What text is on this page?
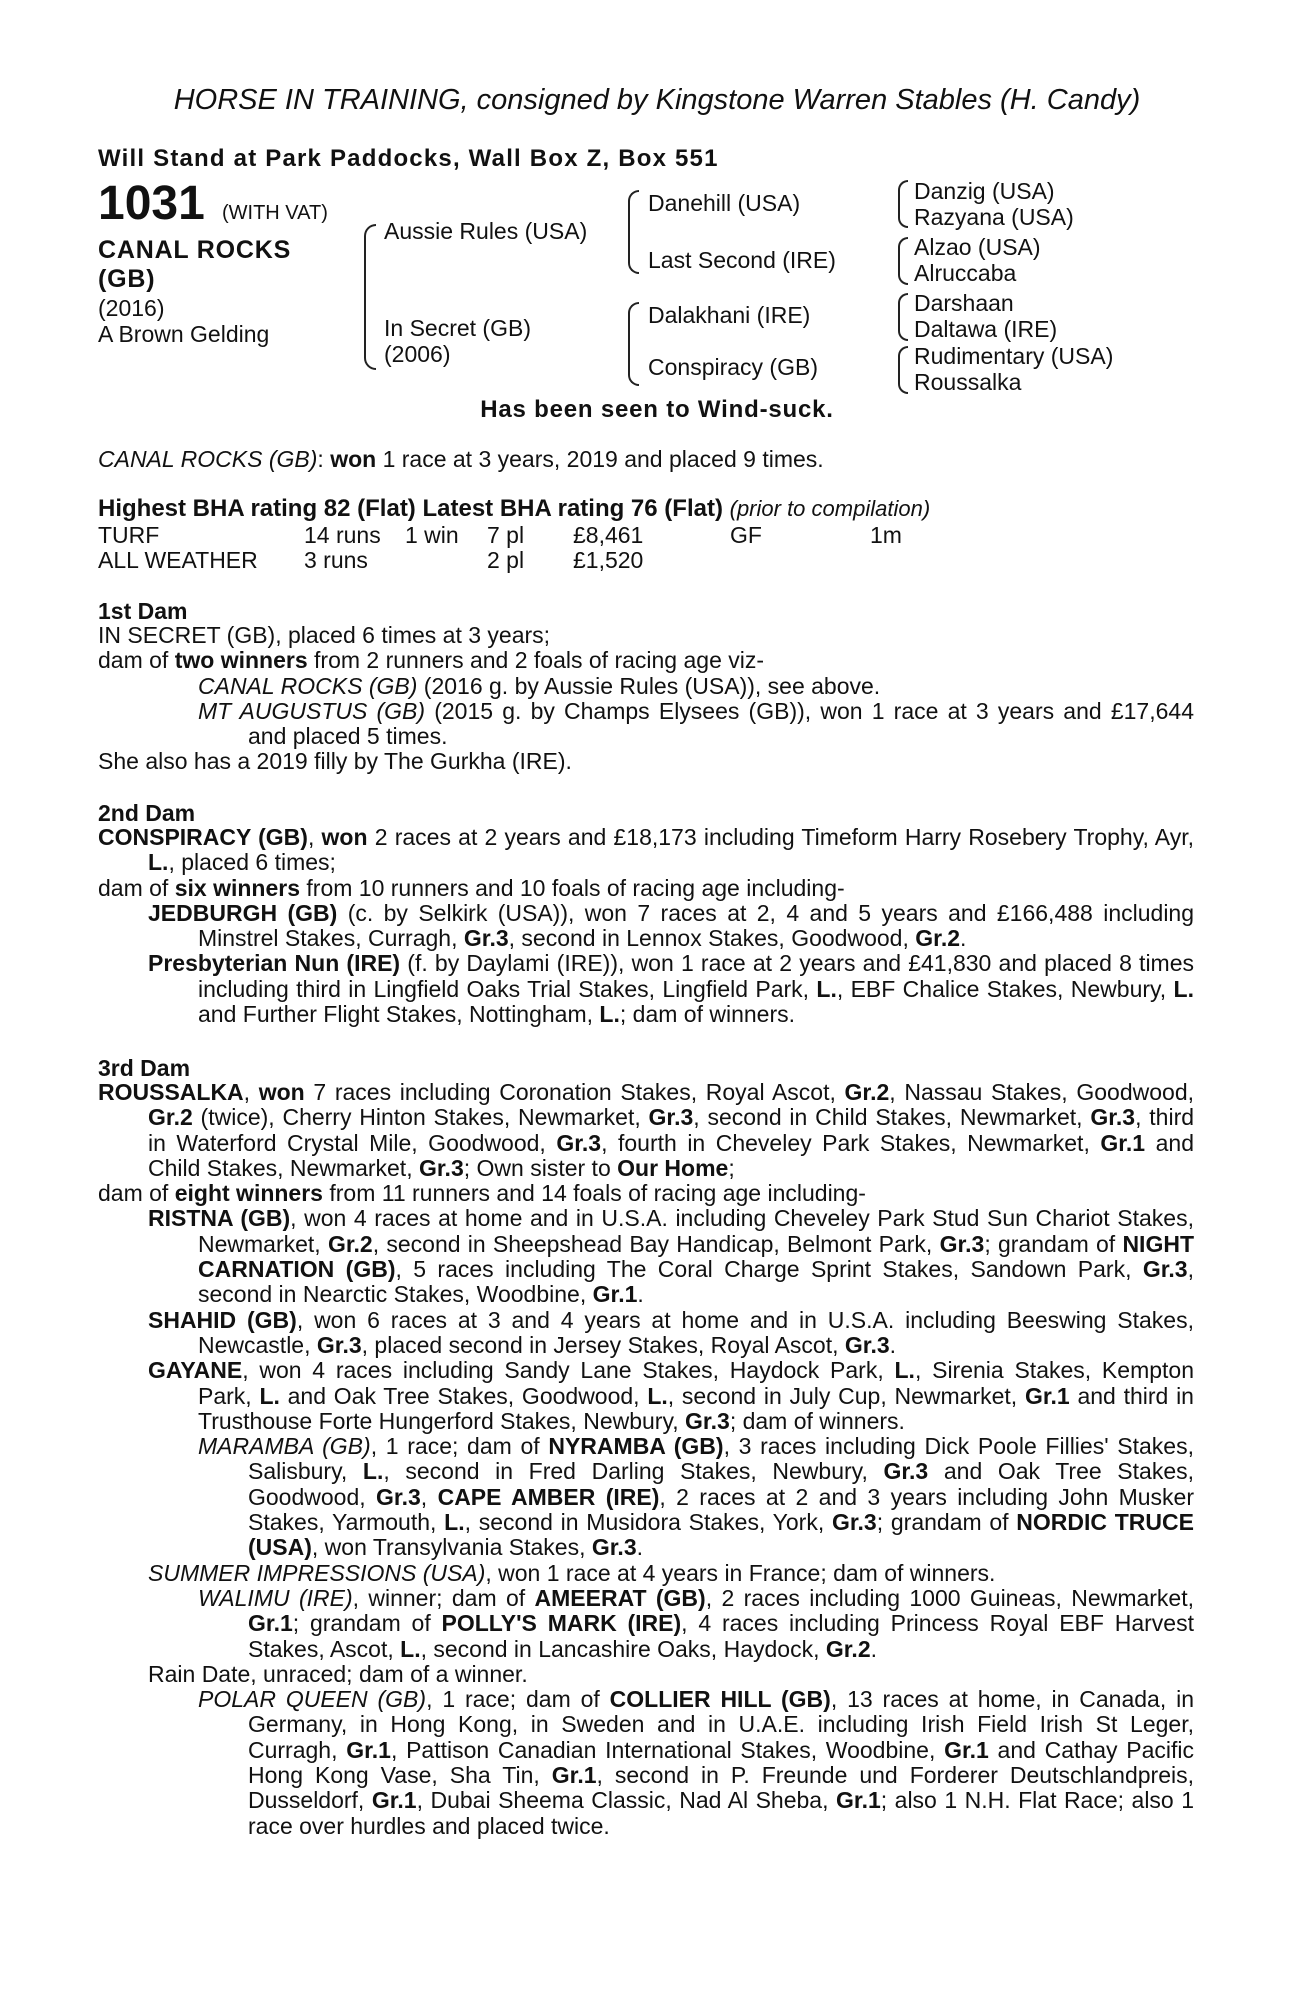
HORSE IN TRAINING, consigned by Kingstone Warren Stables (H. Candy)
Will Stand at Park Paddocks, Wall Box Z, Box 551
1031 (WITH VAT)
CANAL ROCKS
(GB)
(2016)
A Brown Gelding
Aussie Rules (USA)
In Secret (GB)
(2006)
Danehill (USA)
Last Second (IRE)
Dalakhani (IRE)
Conspiracy (GB)
Danzig (USA)
Razyana (USA)
Alzao (USA)
Alruccaba
Darshaan
Daltawa (IRE)
Rudimentary (USA)
Roussalka
Has been seen to Wind-suck.
CANAL ROCKS (GB): won 1 race at 3 years, 2019 and placed 9 times.
Highest BHA rating 82 (Flat) Latest BHA rating 76 (Flat) (prior to compilation)
TURF	14 runs 1 win 7 pl £8,461	GF	1m
ALL WEATHER 3 runs	2 pl £1,520
1st Dam

IN SECRET (GB), placed 6 times at 3 years;

dam of two winners from 2 runners and 2 foals of racing age viz-

CANAL ROCKS (GB) (2016 g. by Aussie Rules (USA)), see above.

MT AUGUSTUS (GB) (2015 g. by Champs Elysees (GB)), won 1 race at 3 years and £17,644 and placed 5 times.

She also has a 2019 filly by The Gurkha (IRE).

2nd Dam

CONSPIRACY (GB), won 2 races at 2 years and £18,173 including Timeform Harry Rosebery Trophy, Ayr, L., placed 6 times;

dam of six winners from 10 runners and 10 foals of racing age including-

JEDBURGH (GB) (c. by Selkirk (USA)), won 7 races at 2, 4 and 5 years and £166,488 including Minstrel Stakes, Curragh, Gr.3, second in Lennox Stakes, Goodwood, Gr.2.

Presbyterian Nun (IRE) (f. by Daylami (IRE)), won 1 race at 2 years and £41,830 and placed 8 times including third in Lingfield Oaks Trial Stakes, Lingfield Park, L., EBF Chalice Stakes, Newbury, L. and Further Flight Stakes, Nottingham, L.; dam of winners.

3rd Dam

ROUSSALKA, won 7 races including Coronation Stakes, Royal Ascot, Gr.2, Nassau Stakes, Goodwood, Gr.2 (twice), Cherry Hinton Stakes, Newmarket, Gr.3, second in Child Stakes, Newmarket, Gr.3, third in Waterford Crystal Mile, Goodwood, Gr.3, fourth in Cheveley Park Stakes, Newmarket, Gr.1 and Child Stakes, Newmarket, Gr.3; Own sister to Our Home;

dam of eight winners from 11 runners and 14 foals of racing age including-

RISTNA (GB), won 4 races at home and in U.S.A. including Cheveley Park Stud Sun Chariot Stakes, Newmarket, Gr.2, second in Sheepshead Bay Handicap, Belmont Park, Gr.3; grandam of NIGHT CARNATION (GB), 5 races including The Coral Charge Sprint Stakes, Sandown Park, Gr.3, second in Nearctic Stakes, Woodbine, Gr.1.

SHAHID (GB), won 6 races at 3 and 4 years at home and in U.S.A. including Beeswing Stakes, Newcastle, Gr.3, placed second in Jersey Stakes, Royal Ascot, Gr.3.

GAYANE, won 4 races including Sandy Lane Stakes, Haydock Park, L., Sirenia Stakes, Kempton Park, L. and Oak Tree Stakes, Goodwood, L., second in July Cup, Newmarket, Gr.1 and third in Trusthouse Forte Hungerford Stakes, Newbury, Gr.3; dam of winners.

MARAMBA (GB), 1 race; dam of NYRAMBA (GB), 3 races including Dick Poole Fillies' Stakes, Salisbury, L., second in Fred Darling Stakes, Newbury, Gr.3 and Oak Tree Stakes, Goodwood, Gr.3, CAPE AMBER (IRE), 2 races at 2 and 3 years including John Musker Stakes, Yarmouth, L., second in Musidora Stakes, York, Gr.3; grandam of NORDIC TRUCE (USA), won Transylvania Stakes, Gr.3.

SUMMER IMPRESSIONS (USA), won 1 race at 4 years in France; dam of winners.

WALIMU (IRE), winner; dam of AMEERAT (GB), 2 races including 1000 Guineas, Newmarket, Gr.1; grandam of POLLY'S MARK (IRE), 4 races including Princess Royal EBF Harvest Stakes, Ascot, L., second in Lancashire Oaks, Haydock, Gr.2.

Rain Date, unraced; dam of a winner.

POLAR QUEEN (GB), 1 race; dam of COLLIER HILL (GB), 13 races at home, in Canada, in Germany, in Hong Kong, in Sweden and in U.A.E. including Irish Field Irish St Leger, Curragh, Gr.1, Pattison Canadian International Stakes, Woodbine, Gr.1 and Cathay Pacific Hong Kong Vase, Sha Tin, Gr.1, second in P. Freunde und Forderer Deutschlandpreis, Dusseldorf, Gr.1, Dubai Sheema Classic, Nad Al Sheba, Gr.1; also 1 N.H. Flat Race; also 1 race over hurdles and placed twice.
